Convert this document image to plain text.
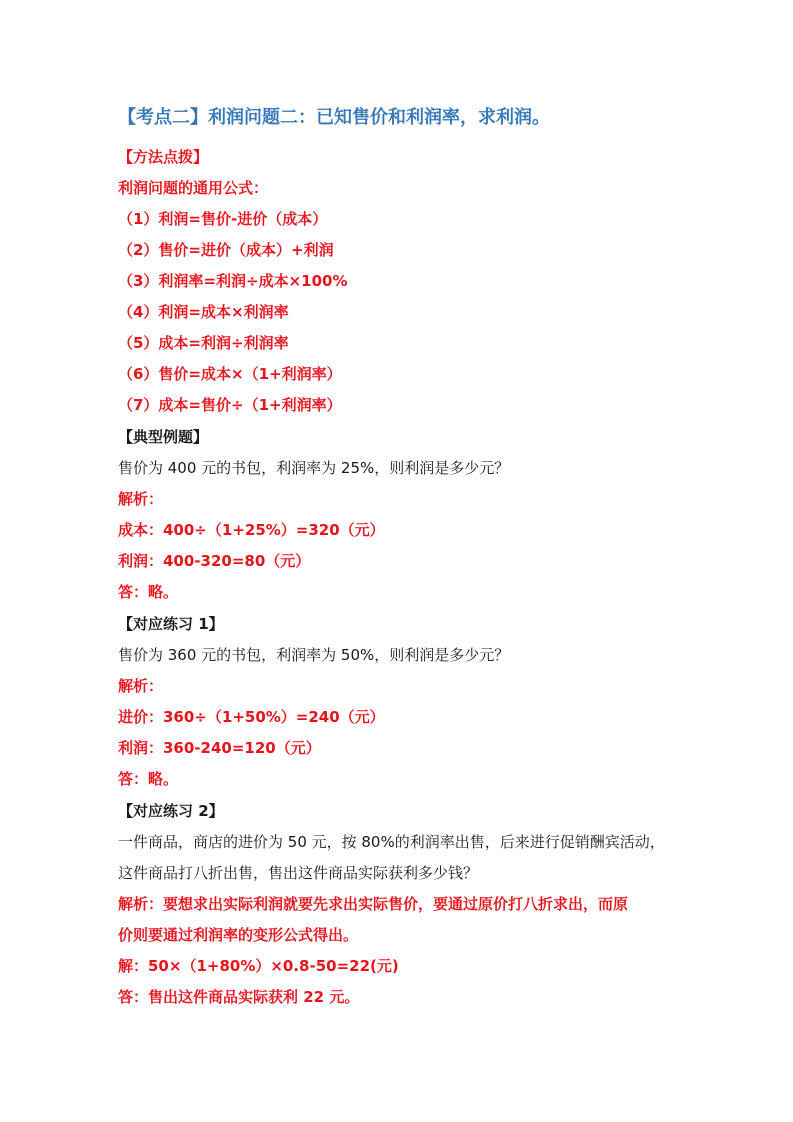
【考点二】利润问题二：已知售价和利润率，求利润。
【方法点拨】
利润问题的通用公式：
（1）利润=售价-进价（成本）
（2）售价=进价（成本）+利润
（3）利润率=利润÷成本×100%
（4）利润=成本×利润率
（5）成本=利润÷利润率
（6）售价=成本×（1+利润率）
（7）成本=售价÷（1+利润率）
【典型例题】
售价为 400 元的书包，利润率为 25%，则利润是多少元？
解析：
成本：400÷（1+25%）=320（元）
利润：400-320=80（元）
答：略。
【对应练习 1】
售价为 360 元的书包，利润率为 50%，则利润是多少元？
解析：
进价：360÷（1+50%）=240（元）
利润：360-240=120（元）
答：略。
【对应练习 2】
一件商品，商店的进价为 50 元，按 80%的利润率出售，后来进行促销酬宾活动，
这件商品打八折出售，售出这件商品实际获利多少钱？
解析：要想求出实际利润就要先求出实际售价，要通过原价打八折求出，而原
价则要通过利润率的变形公式得出。
解：50×（1+80%）×0.8-50=22(元)
答：售出这件商品实际获利 22 元。
